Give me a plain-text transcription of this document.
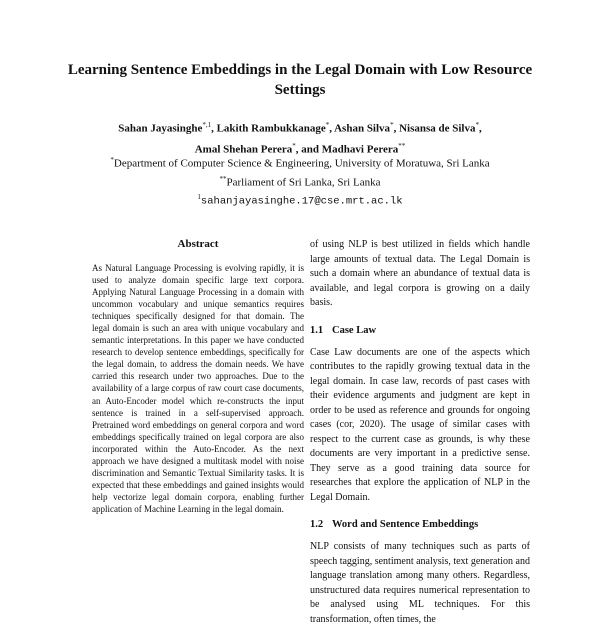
Learning Sentence Embeddings in the Legal Domain with Low Resource Settings
Sahan Jayasinghe$^{*,1}$, Lakith Rambukkanage*, Ashan Silva*, Nisansa de Silva*,
Amal Shehan Perera*, and Madhavi Perera**
*Department of Computer Science & Engineering, University of Moratuwa, Sri Lanka
**Parliament of Sri Lanka, Sri Lanka
$^1$sahanjayasinghe.17@cse.mrt.ac.lk
Abstract

As Natural Language Processing is evolving rapidly, it is used to analyze domain specific large text corpora. Applying Natural Language Processing in a domain with uncommon vocabulary and unique semantics requires techniques specifically designed for that domain. The legal domain is such an area with unique vocabulary and semantic interpretations. In this paper we have conducted research to develop sentence embeddings, specifically for the legal domain, to address the domain needs. We have carried this research under two approaches. Due to the availability of a large corpus of raw court case documents, an Auto-Encoder model which re-constructs the input sentence is trained in a self-supervised approach. Pretrained word embeddings on general corpora and word embeddings specifically trained on legal corpora are also incorporated within the Auto-Encoder. As the next approach we have designed a multitask model with noise discrimination and Semantic Textual Similarity tasks. It is expected that these embeddings and gained insights would help vectorize legal domain corpora, enabling further application of Machine Learning in the legal domain.

of using NLP is best utilized in fields which handle large amounts of textual data. The Legal Domain is such a domain where an abundance of textual data is available, and legal corpora is growing on a daily basis.

1.1 Case Law

Case Law documents are one of the aspects which contributes to the rapidly growing textual data in the legal domain. In case law, records of past cases with their evidence arguments and judgment are kept in order to be used as reference and grounds for ongoing cases (cor, 2020). The usage of similar cases with respect to the current case as grounds, is why these documents are very important in a predictive sense. They serve as a good training data source for researches that explore the application of NLP in the Legal Domain.

1.2 Word and Sentence Embeddings

NLP consists of many techniques such as parts of speech tagging, sentiment analysis, text generation and language translation among many others. Regardless, unstructured data requires numerical representation to be analysed using ML techniques. For this transformation, often times, the
